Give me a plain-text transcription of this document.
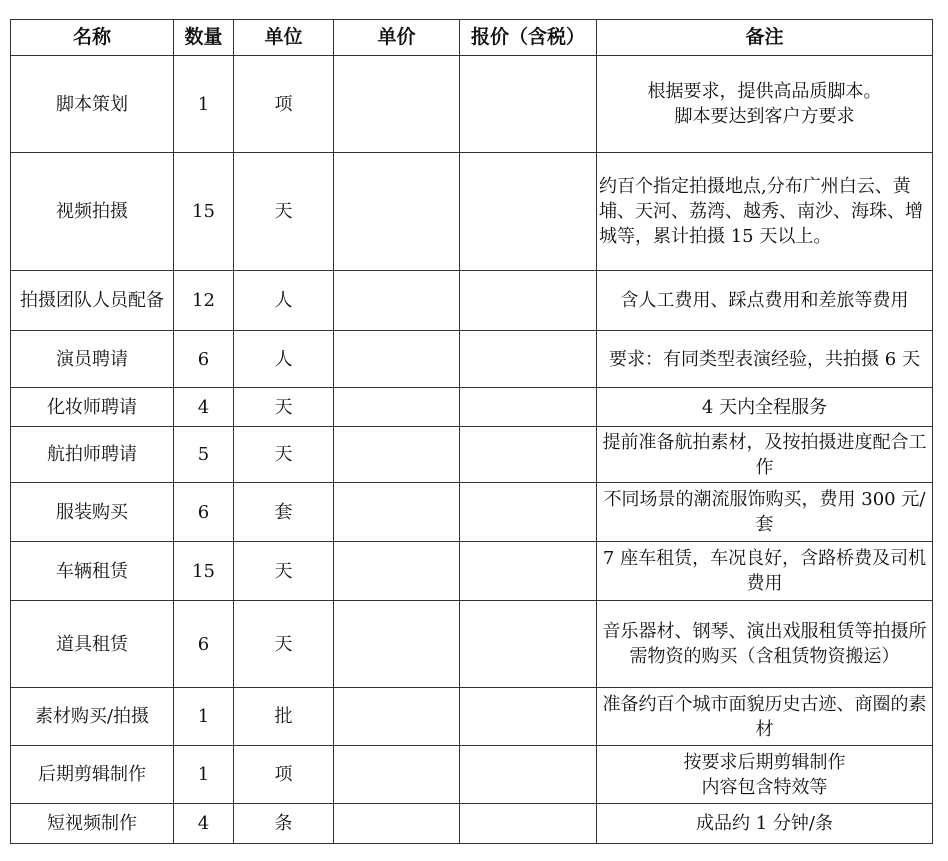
名称	数量	单位	单价	报价（含税）	备注
脚本策划	1	项			根据要求，提供高品质脚本。
脚本要达到客户方要求
视频拍摄	15	天			约百个指定拍摄地点,分布广州白云、黄埔、天河、荔湾、越秀、南沙、海珠、增城等，累计拍摄 15 天以上。
拍摄团队人员配备	12	人			含人工费用、踩点费用和差旅等费用
演员聘请	6	人			要求：有同类型表演经验，共拍摄 6 天
化妆师聘请	4	天			4 天内全程服务
航拍师聘请	5	天			提前准备航拍素材，及按拍摄进度配合工作
服装购买	6	套			不同场景的潮流服饰购买，费用 300 元/套
车辆租赁	15	天			7 座车租赁，车况良好，含路桥费及司机费用
道具租赁	6	天			音乐器材、钢琴、演出戏服租赁等拍摄所需物资的购买（含租赁物资搬运）
素材购买/拍摄	1	批			准备约百个城市面貌历史古迹、商圈的素材
后期剪辑制作	1	项			按要求后期剪辑制作
内容包含特效等
短视频制作	4	条			成品约 1 分钟/条
